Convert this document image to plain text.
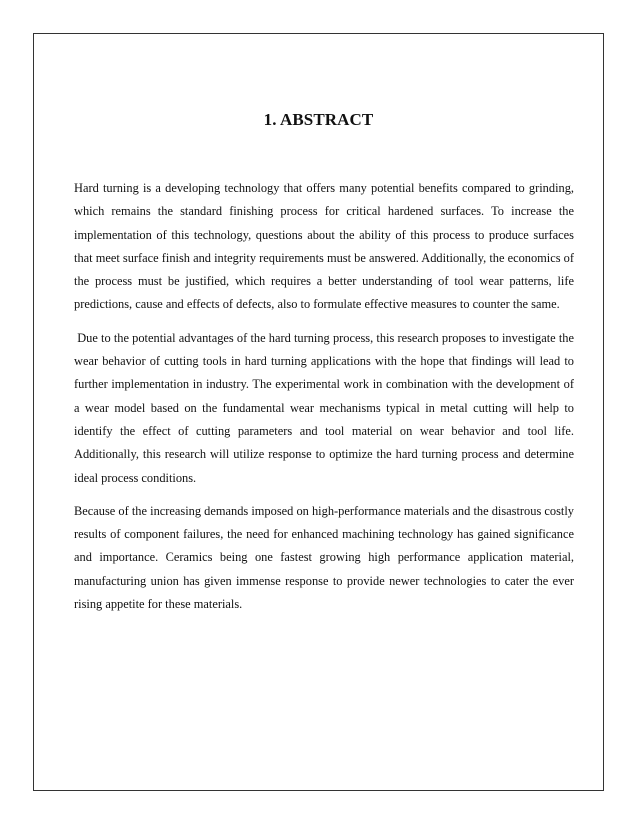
1. ABSTRACT

Hard turning is a developing technology that offers many potential benefits compared to grinding, which remains the standard finishing process for critical hardened surfaces. To increase the implementation of this technology, questions about the ability of this process to produce surfaces that meet surface finish and integrity requirements must be answered. Additionally, the economics of the process must be justified, which requires a better understanding of tool wear patterns, life predictions, cause and effects of defects, also to formulate effective measures to counter the same.

Due to the potential advantages of the hard turning process, this research proposes to investigate the wear behavior of cutting tools in hard turning applications with the hope that findings will lead to further implementation in industry. The experimental work in combination with the development of a wear model based on the fundamental wear mechanisms typical in metal cutting will help to identify the effect of cutting parameters and tool material on wear behavior and tool life. Additionally, this research will utilize response to optimize the hard turning process and determine ideal process conditions.

Because of the increasing demands imposed on high-performance materials and the disastrous costly results of component failures, the need for enhanced machining technology has gained significance and importance. Ceramics being one fastest growing high performance application material, manufacturing union has given immense response to provide newer technologies to cater the ever rising appetite for these materials.
